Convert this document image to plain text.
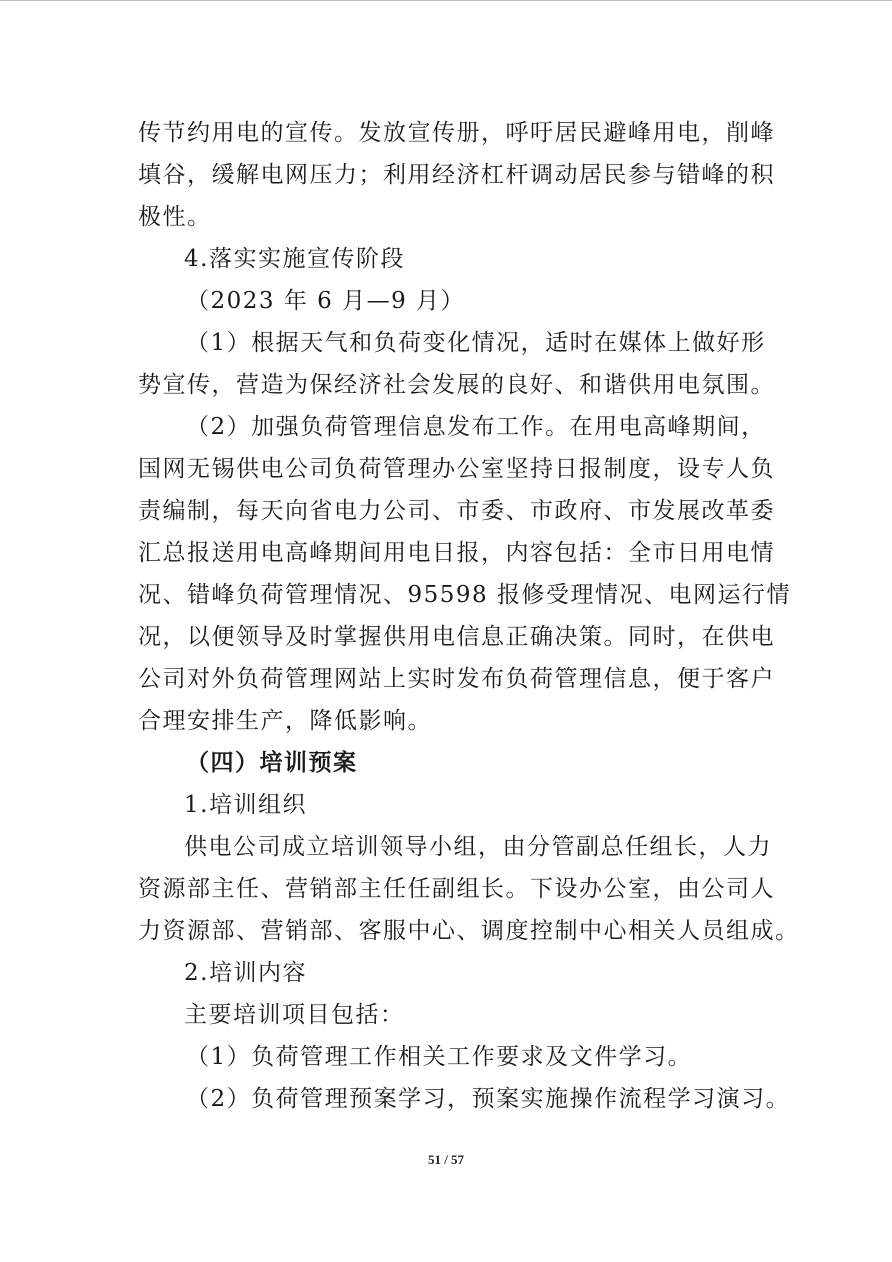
传节约用电的宣传。发放宣传册，呼吁居民避峰用电，削峰
填谷，缓解电网压力；利用经济杠杆调动居民参与错峰的积
极性。
4.落实实施宣传阶段
（2023 年 6 月—9 月）
（1）根据天气和负荷变化情况，适时在媒体上做好形
势宣传，营造为保经济社会发展的良好、和谐供用电氛围。
（2）加强负荷管理信息发布工作。在用电高峰期间，
国网无锡供电公司负荷管理办公室坚持日报制度，设专人负
责编制，每天向省电力公司、市委、市政府、市发展改革委
汇总报送用电高峰期间用电日报，内容包括：全市日用电情
况、错峰负荷管理情况、95598 报修受理情况、电网运行情
况，以便领导及时掌握供用电信息正确决策。同时，在供电
公司对外负荷管理网站上实时发布负荷管理信息，便于客户
合理安排生产，降低影响。
（四）培训预案
1.培训组织
供电公司成立培训领导小组，由分管副总任组长，人力
资源部主任、营销部主任任副组长。下设办公室，由公司人
力资源部、营销部、客服中心、调度控制中心相关人员组成。
2.培训内容
主要培训项目包括：
（1）负荷管理工作相关工作要求及文件学习。
（2）负荷管理预案学习，预案实施操作流程学习演习。
51 / 57
